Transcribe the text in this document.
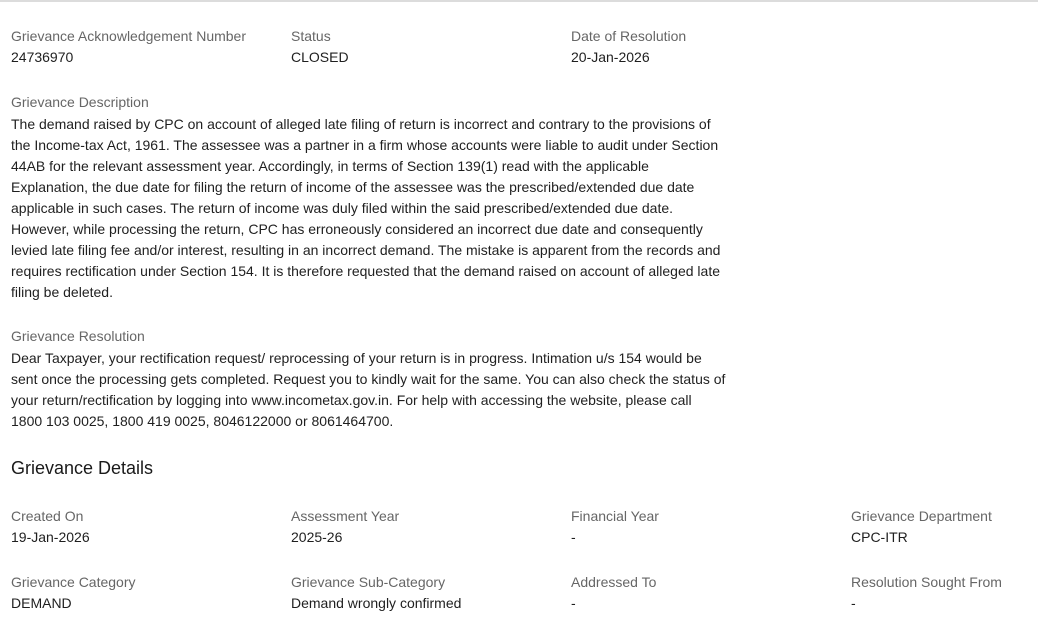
Grievance Acknowledgement Number
24736970
Status
CLOSED
Date of Resolution
20-Jan-2026
Grievance Description
The demand raised by CPC on account of alleged late filing of return is incorrect and contrary to the provisions of the Income-tax Act, 1961. The assessee was a partner in a firm whose accounts were liable to audit under Section 44AB for the relevant assessment year. Accordingly, in terms of Section 139(1) read with the applicable Explanation, the due date for filing the return of income of the assessee was the prescribed/extended due date applicable in such cases. The return of income was duly filed within the said prescribed/extended due date. However, while processing the return, CPC has erroneously considered an incorrect due date and consequently levied late filing fee and/or interest, resulting in an incorrect demand. The mistake is apparent from the records and requires rectification under Section 154. It is therefore requested that the demand raised on account of alleged late filing be deleted.
Grievance Resolution
Dear Taxpayer, your rectification request/ reprocessing of your return is in progress. Intimation u/s 154 would be sent once the processing gets completed. Request you to kindly wait for the same. You can also check the status of your return/rectification by logging into www.incometax.gov.in. For help with accessing the website, please call 1800 103 0025, 1800 419 0025, 8046122000 or 8061464700.
Grievance Details
Created On
19-Jan-2026
Assessment Year
2025-26
Financial Year
-
Grievance Department
CPC-ITR
Grievance Category
DEMAND
Grievance Sub-Category
Demand wrongly confirmed
Addressed To
-
Resolution Sought From
-
